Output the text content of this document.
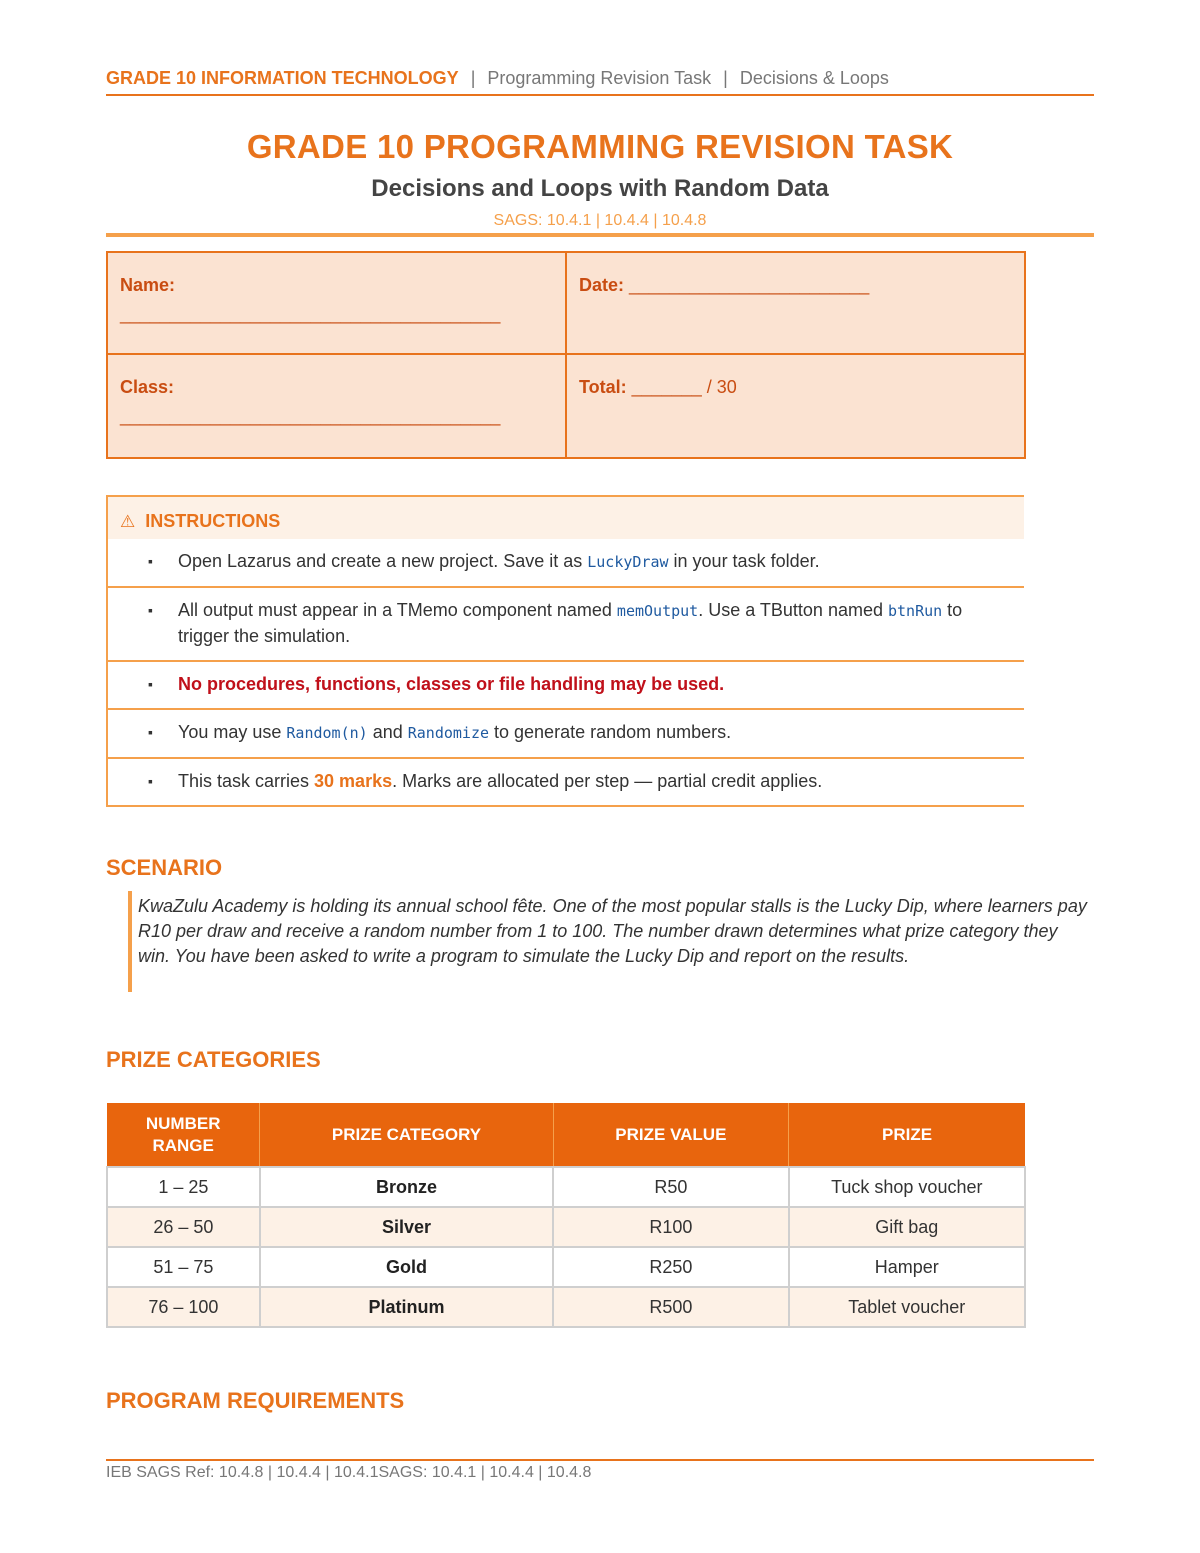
GRADE 10 INFORMATION TECHNOLOGY | Programming Revision Task | Decisions & Loops
GRADE 10 PROGRAMMING REVISION TASK
Decisions and Loops with Random Data
SAGS: 10.4.1 | 10.4.4 | 10.4.8
Name:
______________________________________
Date: ________________________
Class:
______________________________________
Total: _______ / 30
⚠ INSTRUCTIONS
▪ Open Lazarus and create a new project. Save it as LuckyDraw in your task folder.
▪ All output must appear in a TMemo component named memOutput. Use a TButton named btnRun to trigger the simulation.
▪ No procedures, functions, classes or file handling may be used.
▪ You may use Random(n) and Randomize to generate random numbers.
▪ This task carries 30 marks. Marks are allocated per step — partial credit applies.
SCENARIO
KwaZulu Academy is holding its annual school fête. One of the most popular stalls is the Lucky Dip, where learners pay R10 per draw and receive a random number from 1 to 100. The number drawn determines what prize category they win. You have been asked to write a program to simulate the Lucky Dip and report on the results.
PRIZE CATEGORIES
NUMBER RANGE	PRIZE CATEGORY	PRIZE VALUE	PRIZE
1 – 25	Bronze	R50	Tuck shop voucher
26 – 50	Silver	R100	Gift bag
51 – 75	Gold	R250	Hamper
76 – 100	Platinum	R500	Tablet voucher
PROGRAM REQUIREMENTS
IEB SAGS Ref: 10.4.8 | 10.4.4 | 10.4.1SAGS: 10.4.1 | 10.4.4 | 10.4.8
